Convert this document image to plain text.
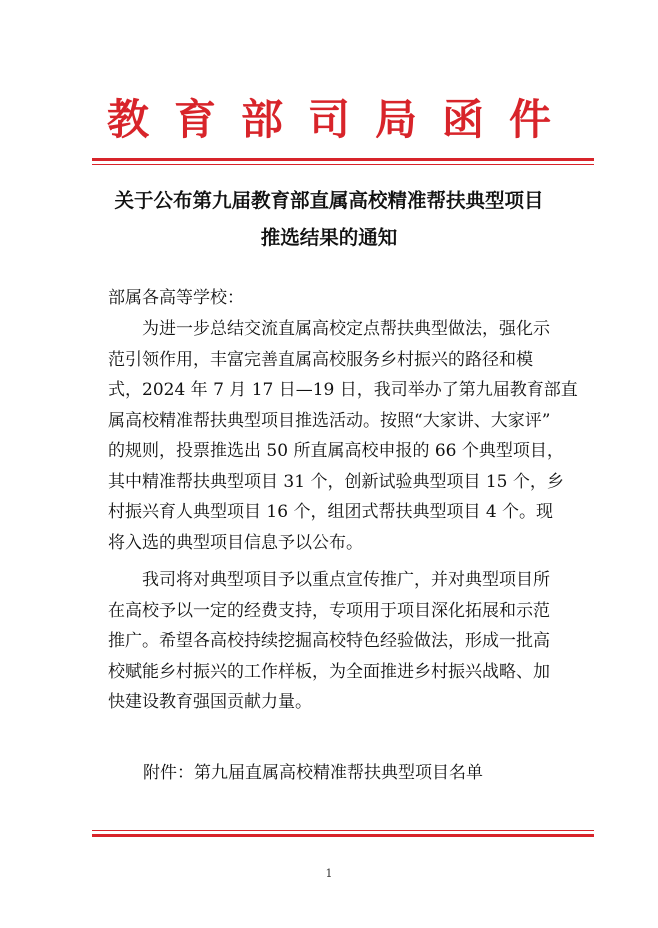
教育部司局函件
关于公布第九届教育部直属高校精准帮扶典型项目
推选结果的通知
部属各高等学校：
为进一步总结交流直属高校定点帮扶典型做法，强化示
范引领作用，丰富完善直属高校服务乡村振兴的路径和模
式，2024 年 7 月 17 日—19 日，我司举办了第九届教育部直
属高校精准帮扶典型项目推选活动。按照“大家讲、大家评”
的规则，投票推选出 50 所直属高校申报的 66 个典型项目，
其中精准帮扶典型项目 31 个，创新试验典型项目 15 个，乡
村振兴育人典型项目 16 个，组团式帮扶典型项目 4 个。现
将入选的典型项目信息予以公布。
我司将对典型项目予以重点宣传推广，并对典型项目所
在高校予以一定的经费支持，专项用于项目深化拓展和示范
推广。希望各高校持续挖掘高校特色经验做法，形成一批高
校赋能乡村振兴的工作样板，为全面推进乡村振兴战略、加
快建设教育强国贡献力量。
附件：第九届直属高校精准帮扶典型项目名单
1
